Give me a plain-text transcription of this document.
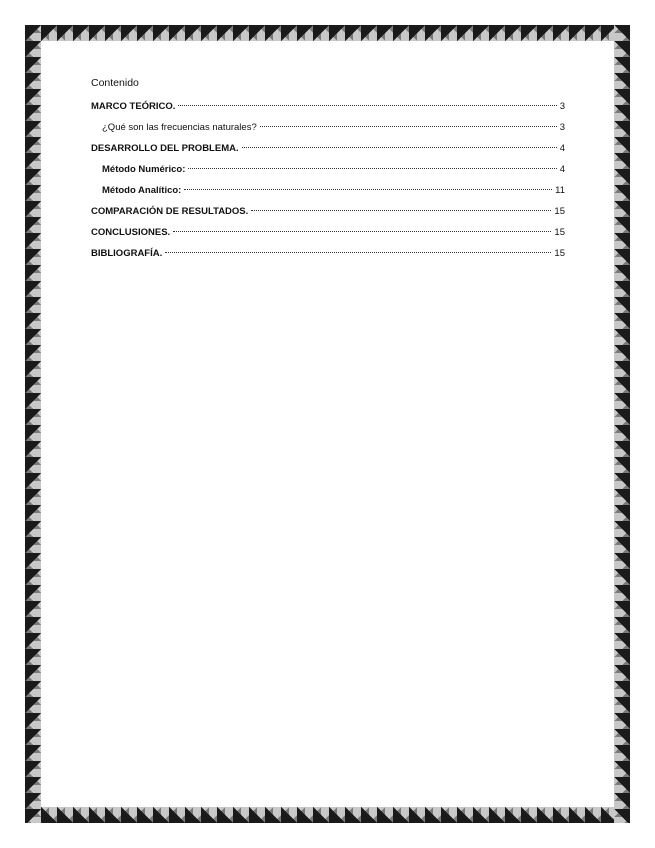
Contenido
MARCO TEÓRICO.	3
¿Qué son las frecuencias naturales?	3
DESARROLLO DEL PROBLEMA.	4
Método Numérico:	4
Método Analítico:	11
COMPARACIÓN DE RESULTADOS.	15
CONCLUSIONES.	15
BIBLIOGRAFÍA.	15
